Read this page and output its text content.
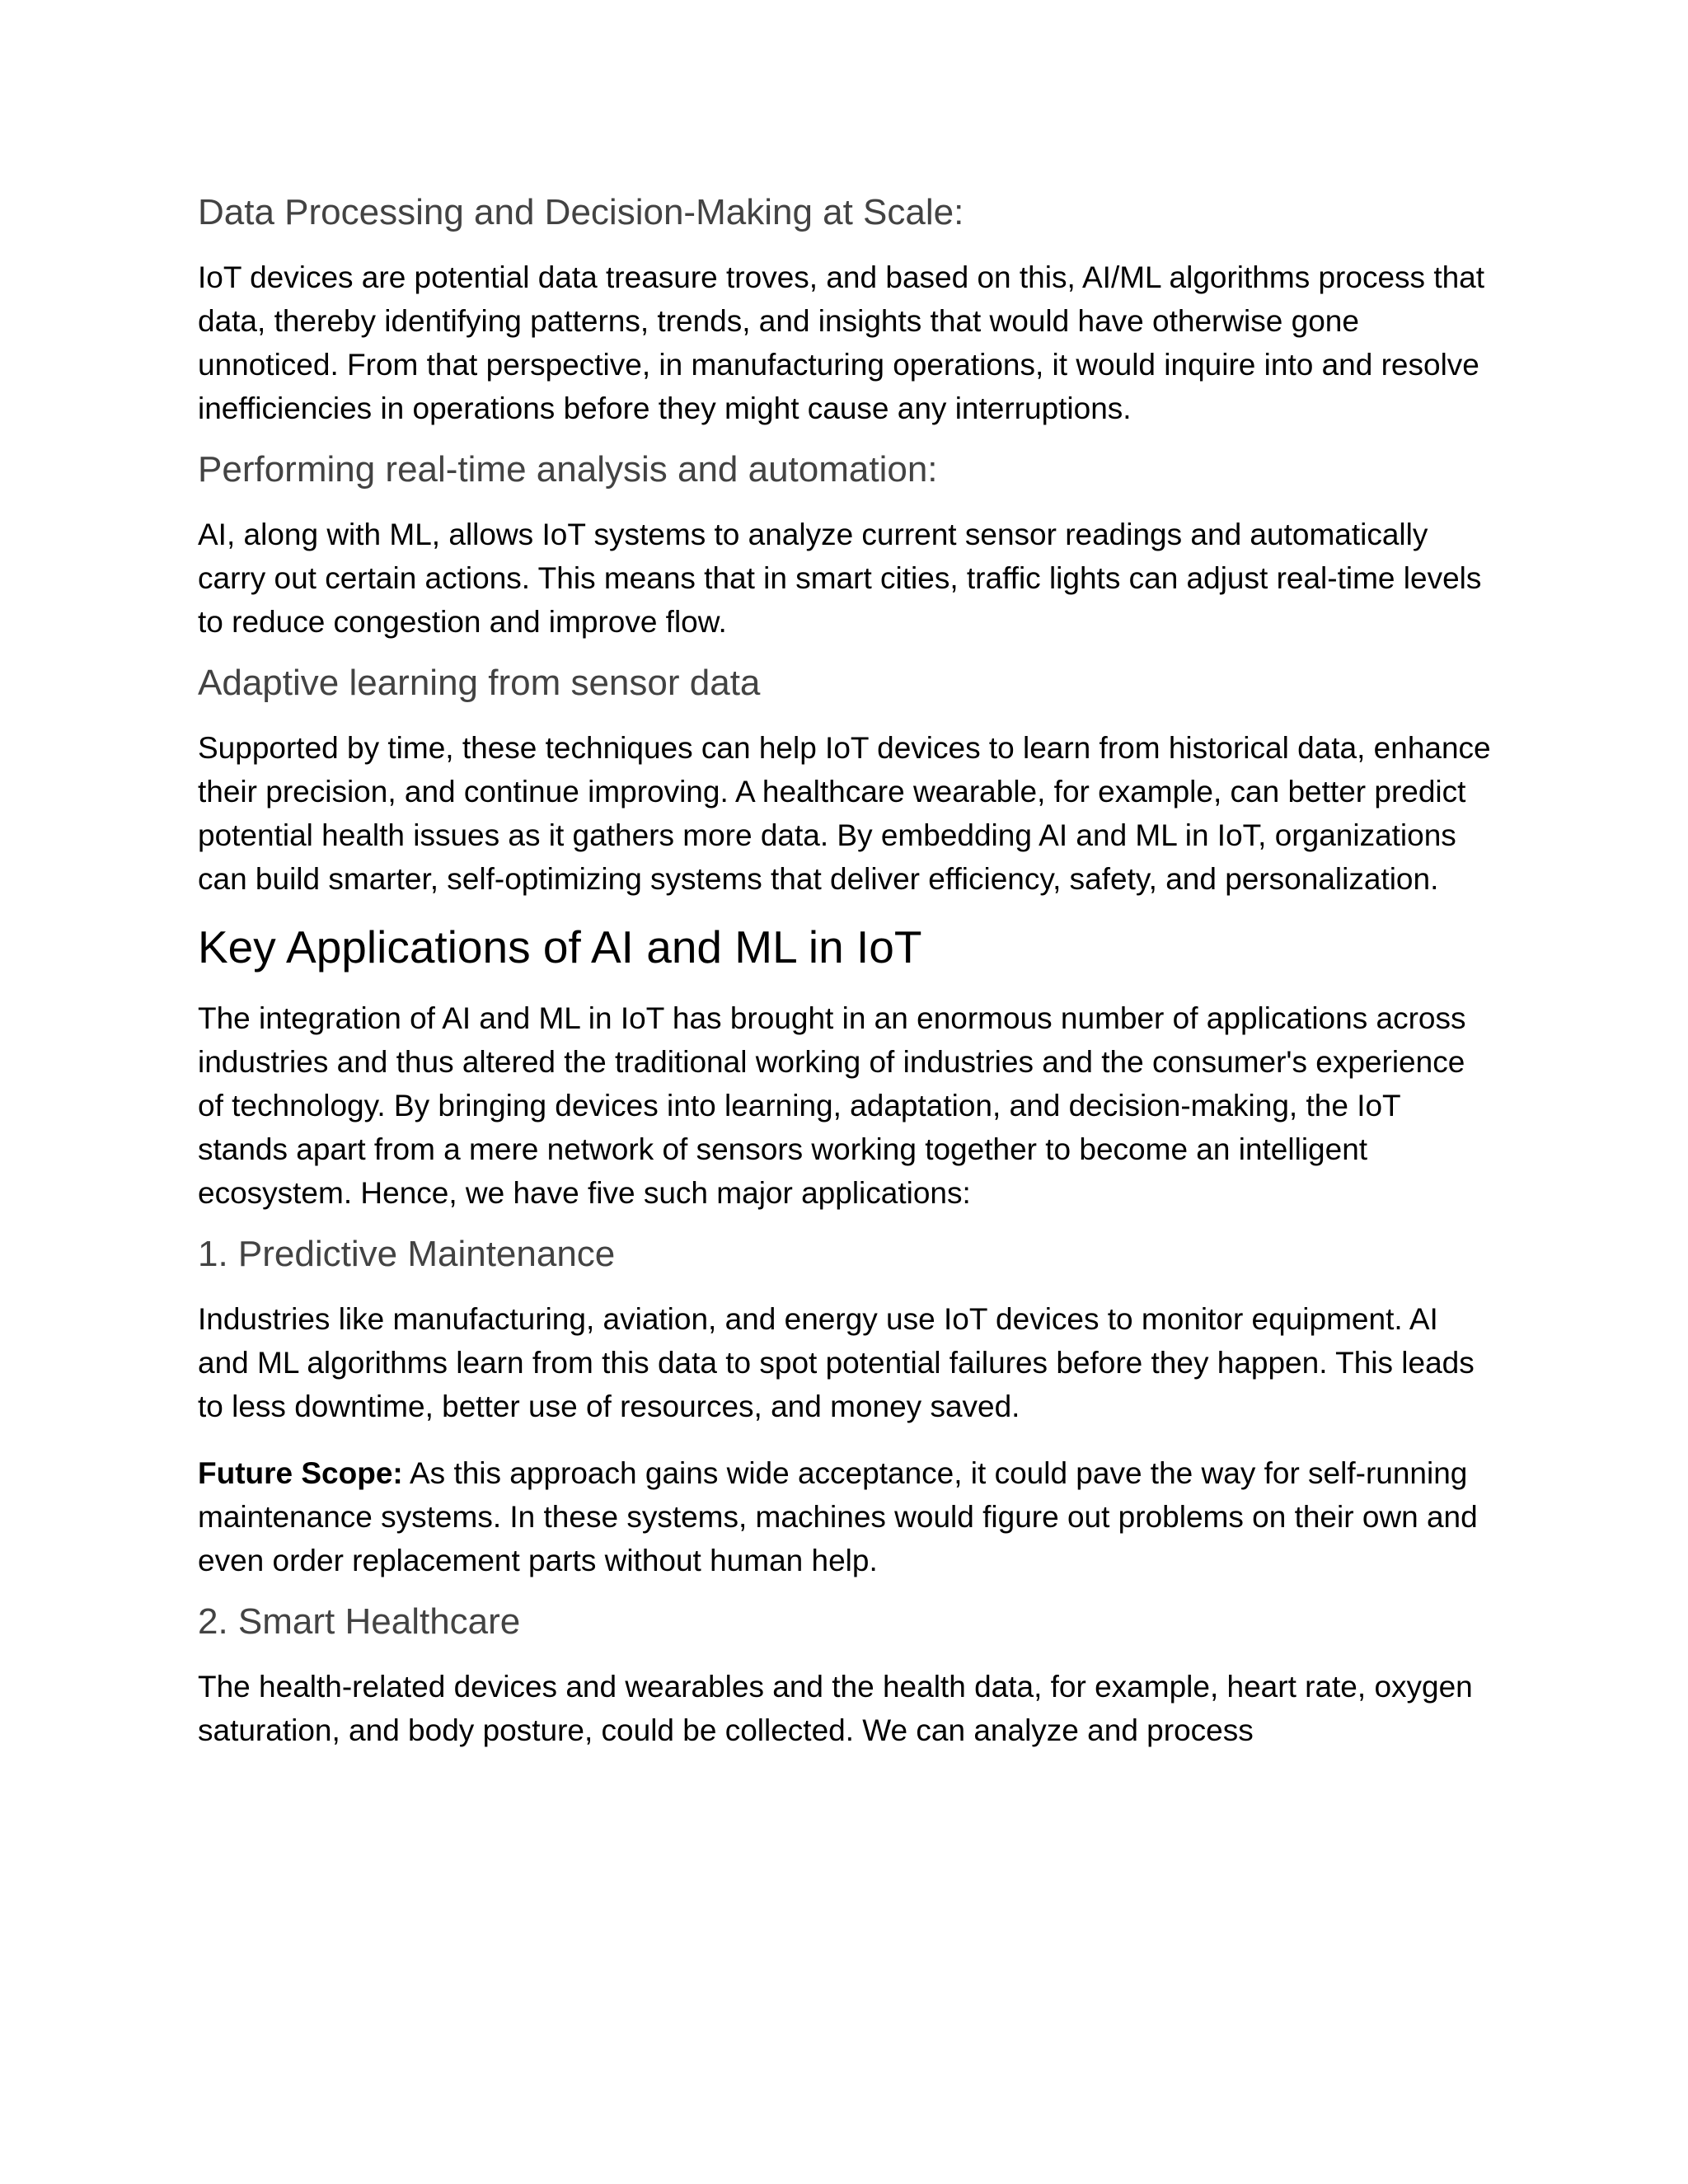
Data Processing and Decision-Making at Scale:

IoT devices are potential data treasure troves, and based on this, AI/ML algorithms process that data, thereby identifying patterns, trends, and insights that would have otherwise gone unnoticed. From that perspective, in manufacturing operations, it would inquire into and resolve inefficiencies in operations before they might cause any interruptions.

Performing real-time analysis and automation:

AI, along with ML, allows IoT systems to analyze current sensor readings and automatically carry out certain actions. This means that in smart cities, traffic lights can adjust real-time levels to reduce congestion and improve flow.

Adaptive learning from sensor data

Supported by time, these techniques can help IoT devices to learn from historical data, enhance their precision, and continue improving. A healthcare wearable, for example, can better predict potential health issues as it gathers more data. By embedding AI and ML in IoT, organizations can build smarter, self-optimizing systems that deliver efficiency, safety, and personalization.

Key Applications of AI and ML in IoT

The integration of AI and ML in IoT has brought in an enormous number of applications across industries and thus altered the traditional working of industries and the consumer's experience of technology. By bringing devices into learning, adaptation, and decision-making, the IoT stands apart from a mere network of sensors working together to become an intelligent ecosystem. Hence, we have five such major applications:

1. Predictive Maintenance

Industries like manufacturing, aviation, and energy use IoT devices to monitor equipment. AI and ML algorithms learn from this data to spot potential failures before they happen. This leads to less downtime, better use of resources, and money saved.

Future Scope: As this approach gains wide acceptance, it could pave the way for self-running maintenance systems. In these systems, machines would figure out problems on their own and even order replacement parts without human help.

2. Smart Healthcare

The health-related devices and wearables and the health data, for example, heart rate, oxygen saturation, and body posture, could be collected. We can analyze and process
